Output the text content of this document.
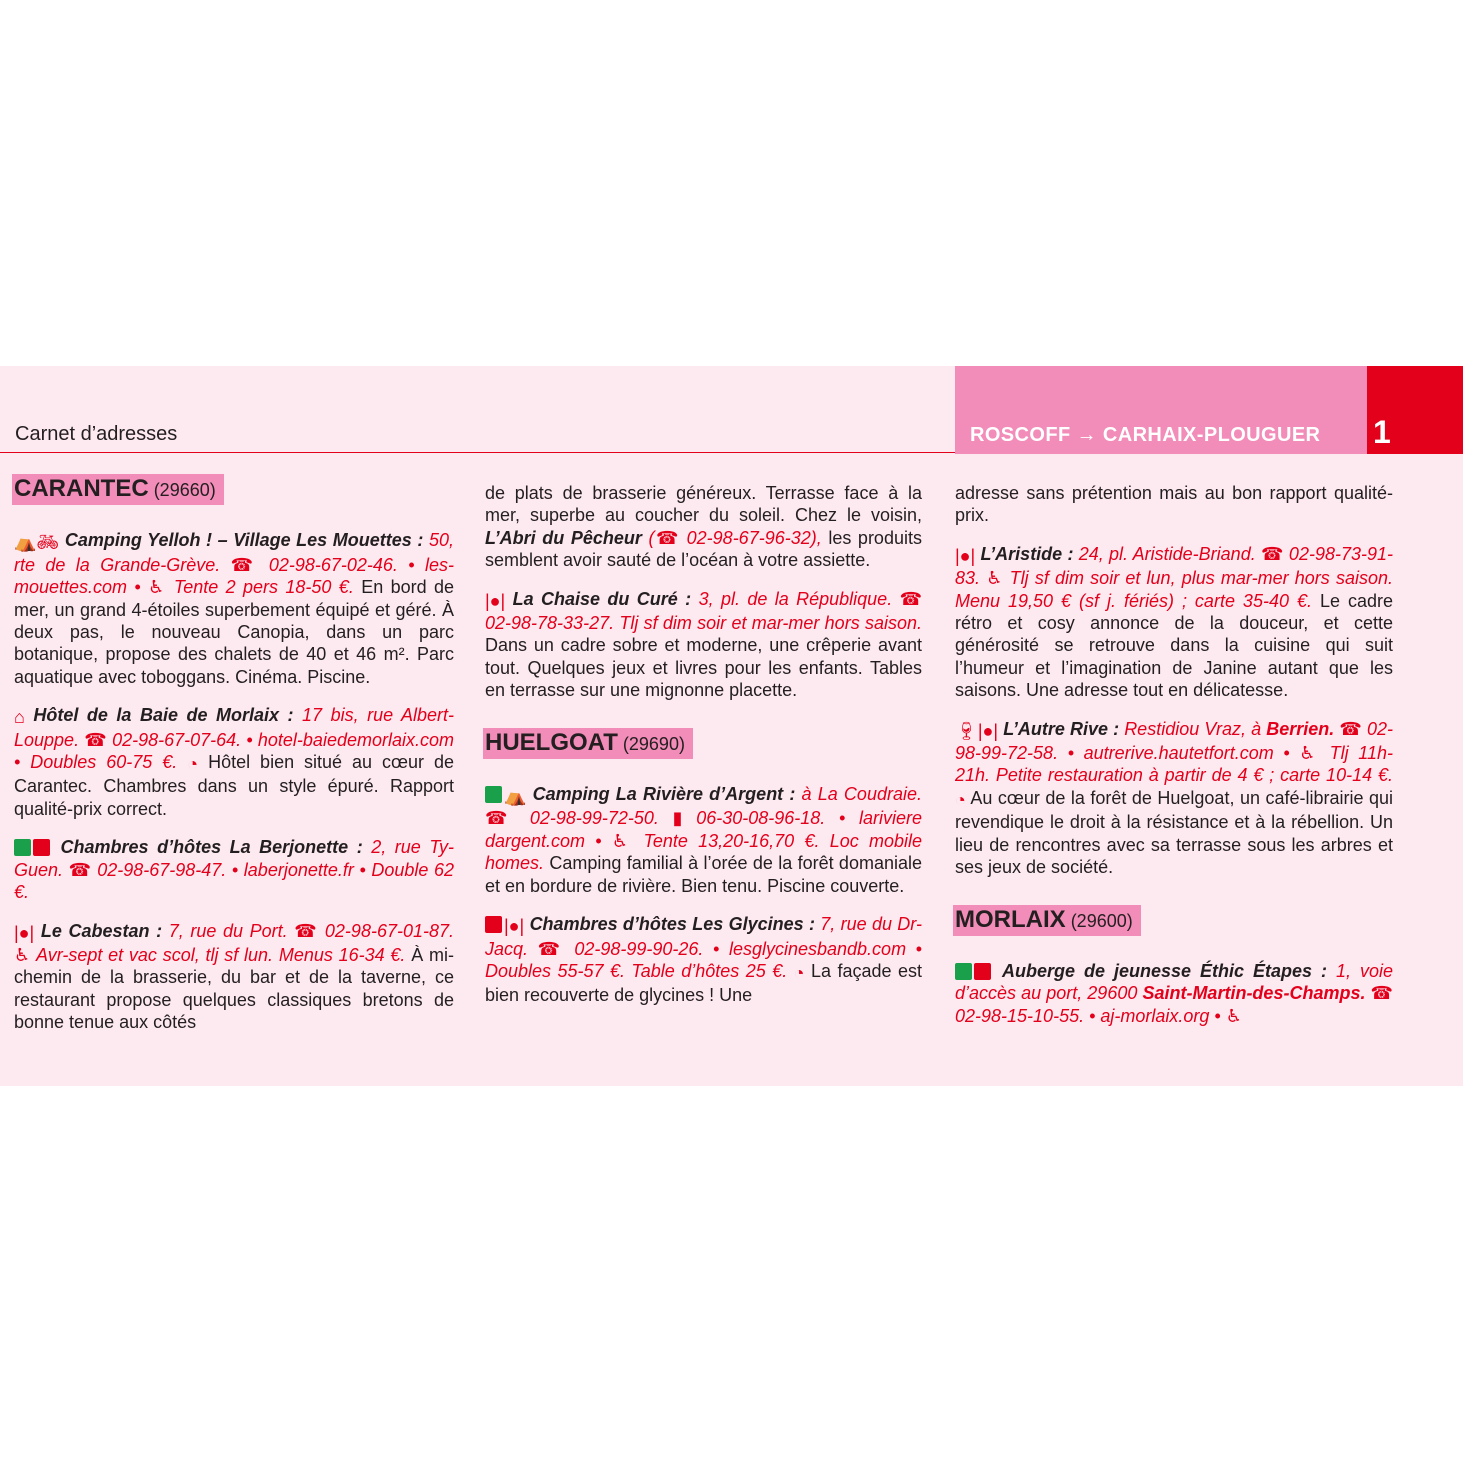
Carnet d’adresses	ROSCOFF → CARHAIX-PLOUGUER 1
CARANTEC (29660)
⛺🚲︎ Camping Yelloh ! – Village Les Mouettes : 50, rte de la Grande-Grève. ☎ 02-98-67-02-46. • les-mouettes.com • ♿ Tente 2 pers 18-50 €. En bord de mer, un grand 4-étoiles superbement équipé et géré. À deux pas, le nouveau Canopia, dans un parc botanique, propose des chalets de 40 et 46 m². Parc aquatique avec toboggans. Cinéma. Piscine.
⌂ Hôtel de la Baie de Morlaix : 17 bis, rue Albert-Louppe. ☎ 02-98-67-07-64. • hotel-baiedemorlaix.com • Doubles 60-75 €. ◔ Hôtel bien situé au cœur de Carantec. Chambres dans un style épuré. Rapport qualité-prix correct.
Chambres d’hôtes La Berjonette : 2, rue Ty-Guen. ☎ 02-98-67-98-47. • laberjonette.fr • Double 62 €.
|●| Le Cabestan : 7, rue du Port. ☎ 02-98-67-01-87. ♿ Avr-sept et vac scol, tlj sf lun. Menus 16-34 €. À mi-chemin de la brasserie, du bar et de la taverne, ce restaurant propose quelques classiques bretons de bonne tenue aux côtés
de plats de brasserie généreux. Terrasse face à la mer, superbe au coucher du soleil. Chez le voisin, L’Abri du Pêcheur (☎ 02-98-67-96-32), les produits semblent avoir sauté de l’océan à votre assiette.
|●| La Chaise du Curé : 3, pl. de la République. ☎ 02-98-78-33-27. Tlj sf dim soir et mar-mer hors saison. Dans un cadre sobre et moderne, une crêperie avant tout. Quelques jeux et livres pour les enfants. Tables en terrasse sur une mignonne placette.
HUELGOAT (29690)
⛺ Camping La Rivière d’Argent : à La Coudraie. ☎ 02-98-99-72-50. ▮ 06-30-08-96-18. • lariviere dargent.com • ♿ Tente 13,20-16,70 €. Loc mobile homes. Camping familial à l’orée de la forêt domaniale et en bordure de rivière. Bien tenu. Piscine couverte.
|●| Chambres d’hôtes Les Glycines : 7, rue du Dr-Jacq. ☎ 02-98-99-90-26. • lesglycinesbandb.com • Doubles 55-57 €. Table d’hôtes 25 €. ◔ La façade est bien recouverte de glycines ! Une
adresse sans prétention mais au bon rapport qualité-prix.
|●| L’Aristide : 24, pl. Aristide-Briand. ☎ 02-98-73-91-83. ♿ Tlj sf dim soir et lun, plus mar-mer hors saison. Menu 19,50 € (sf j. fériés) ; carte 35-40 €. Le cadre rétro et cosy annonce de la douceur, et cette générosité se retrouve dans la cuisine qui suit l’humeur et l’imagination de Janine autant que les saisons. Une adresse tout en délicatesse.
🍷︎|●| L’Autre Rive : Restidiou Vraz, à Berrien. ☎ 02-98-99-72-58. • autrerive.hautetfort.com • ♿ Tlj 11h-21h. Petite restauration à partir de 4 € ; carte 10-14 €. ◔ Au cœur de la forêt de Huelgoat, un café-librairie qui revendique le droit à la résistance et à la rébellion. Un lieu de rencontres avec sa terrasse sous les arbres et ses jeux de société.
MORLAIX (29600)
Auberge de jeunesse Éthic Étapes : 1, voie d’accès au port, 29600 Saint-Martin-des-Champs. ☎ 02-98-15-10-55. • aj-morlaix.org • ♿
